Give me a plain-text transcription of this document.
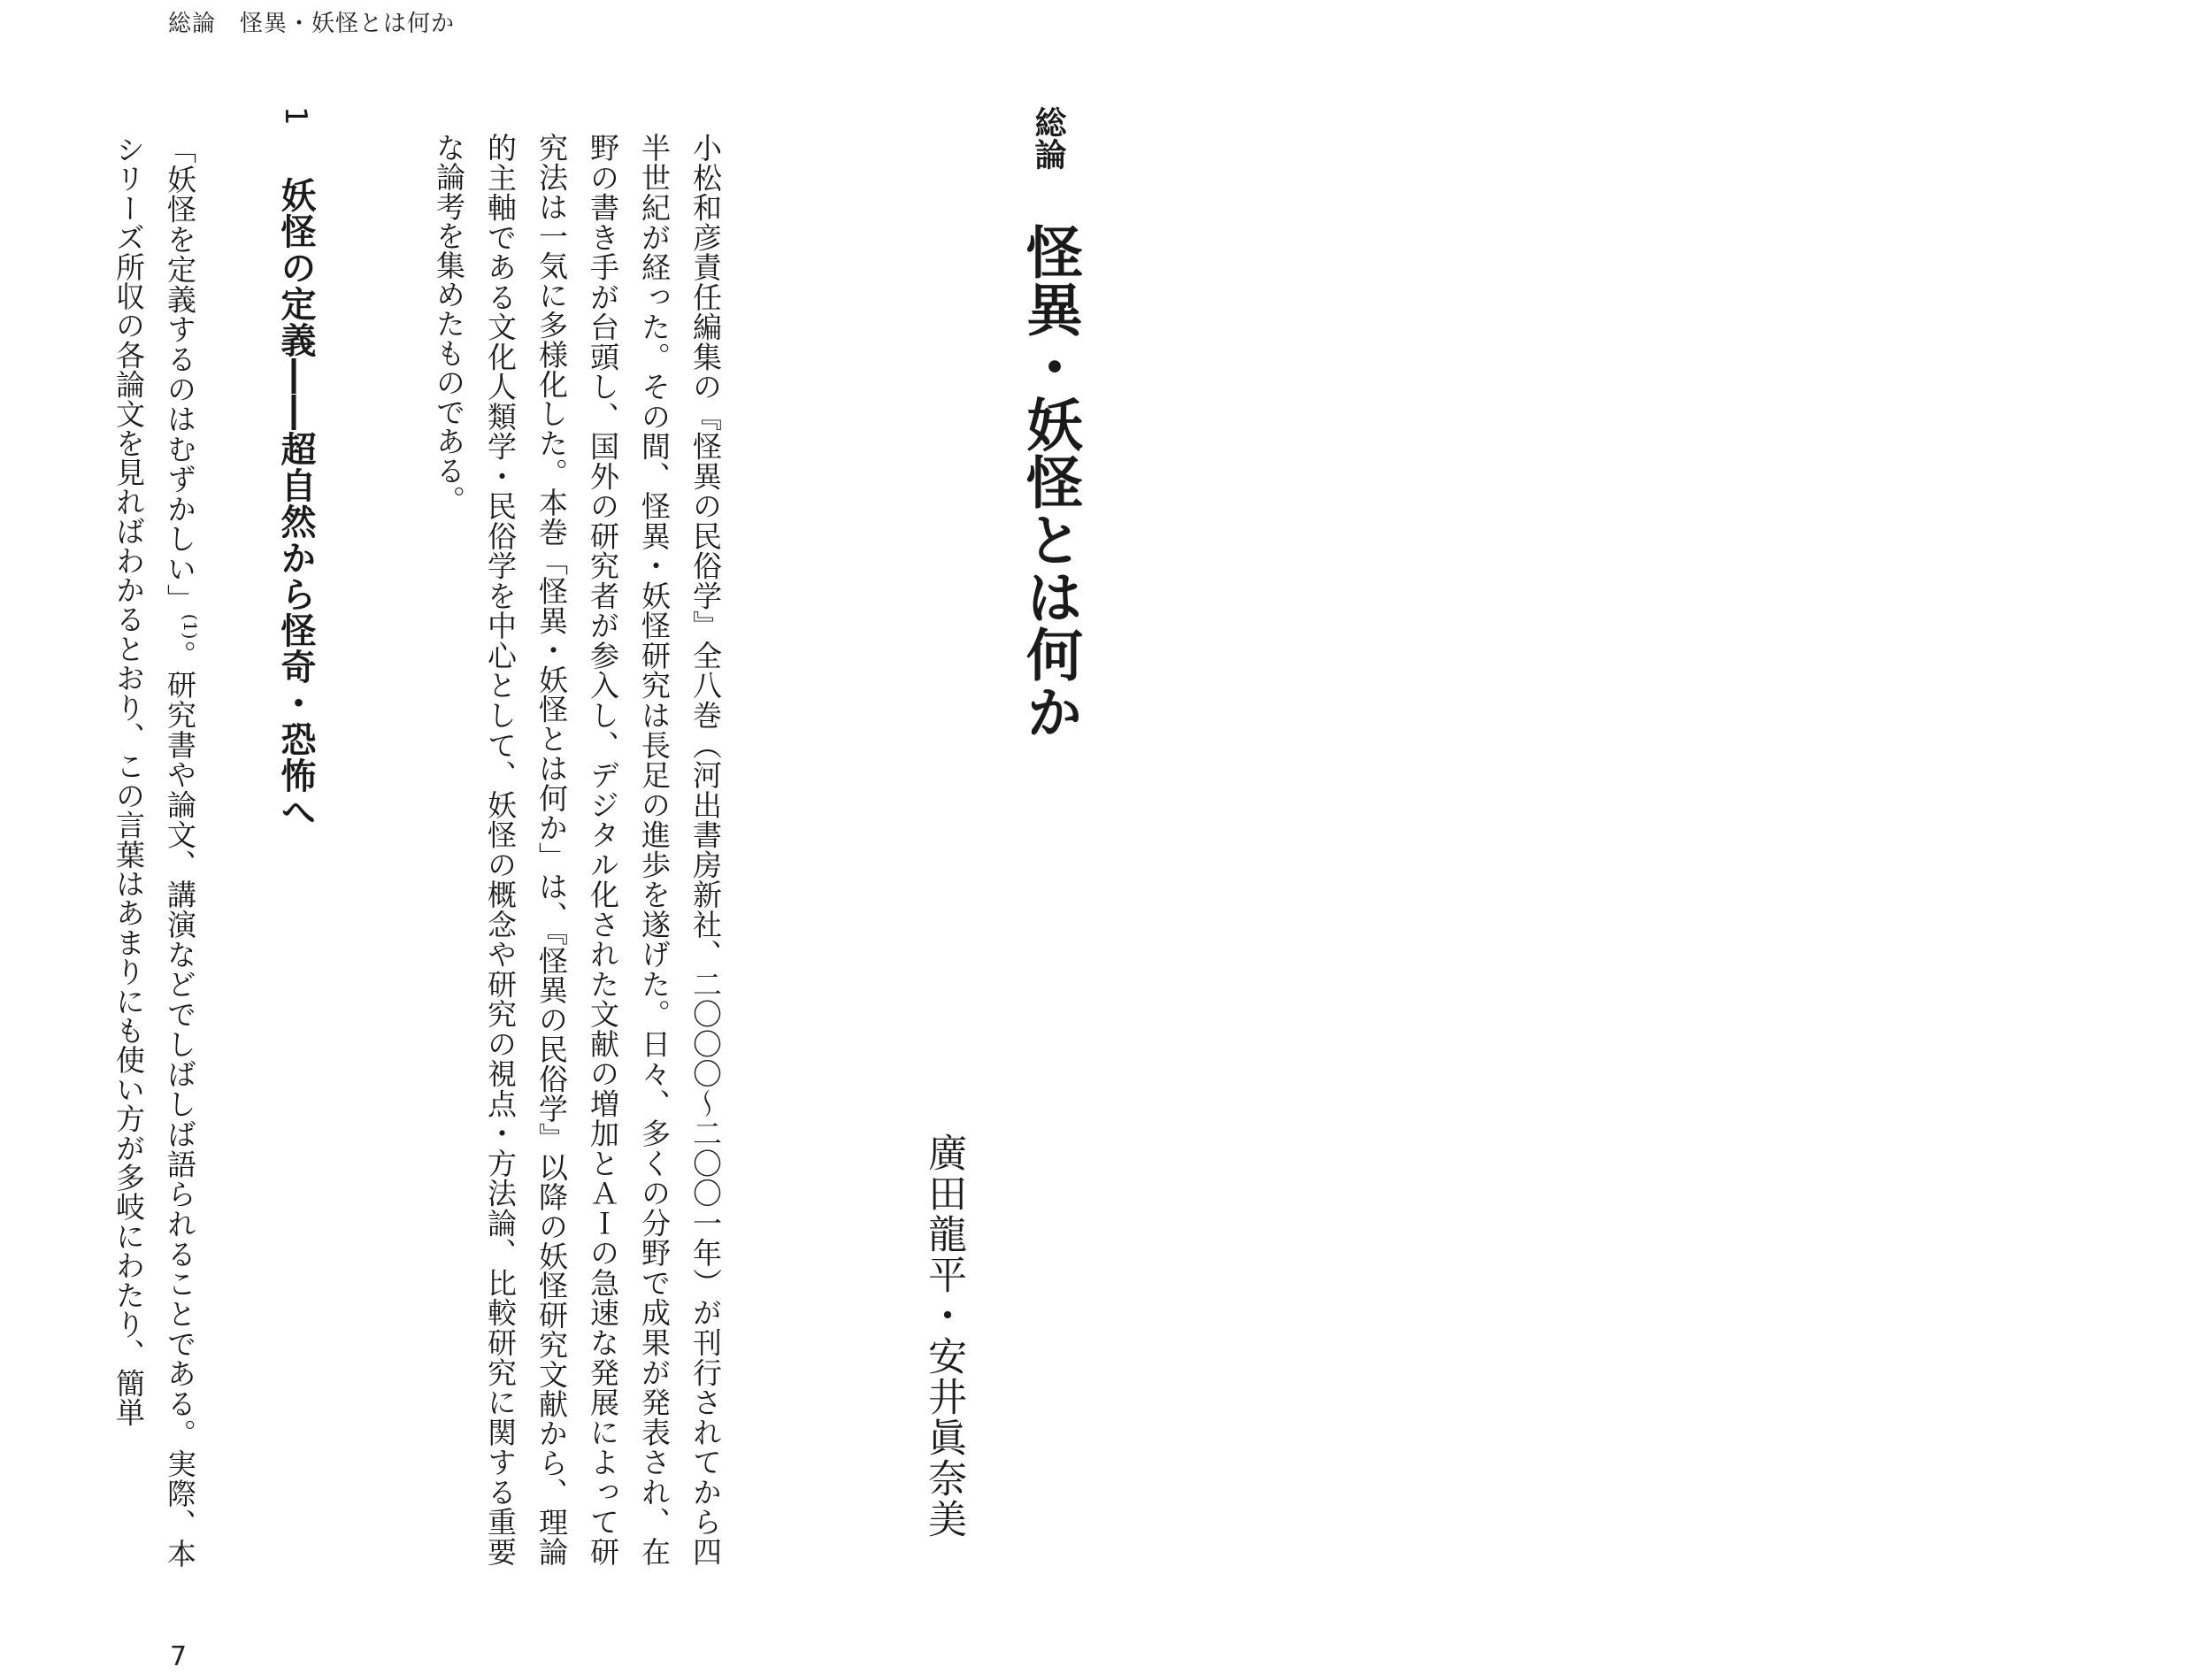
総論　怪異・妖怪とは何か
総論
怪異・妖怪とは何か
廣田龍平・安井眞奈美

小松和彦責任編集の『怪異の民俗学』全八巻（河出書房新社、二〇〇〇〜二〇〇一年）が刊行されてから四半世紀が経った。その間、怪異・妖怪研究は長足の進歩を遂げた。日々、多くの分野で成果が発表され、在野の書き手が台頭し、国外の研究者が参入し、デジタル化された文献の増加とＡＩの急速な発展によって研究法は一気に多様化した。本巻「怪異・妖怪とは何か」は、『怪異の民俗学』以降の妖怪研究文献から、理論的主軸である文化人類学・民俗学を中心として、妖怪の概念や研究の視点・方法論、比較研究に関する重要な論考を集めたものである。

1
妖怪の定義――超自然から怪奇・恐怖へ

「妖怪を定義するのはむずかしい」$^{(1)}$。研究書や論文、講演などでしばしば語られることである。実際、本シリーズ所収の各論文を見ればわかるとおり、この言葉はあまりにも使い方が多岐にわたり、簡単

7
